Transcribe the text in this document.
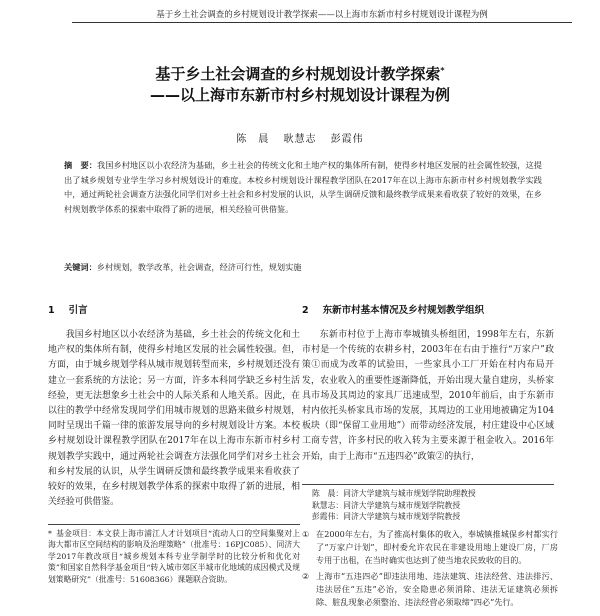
基于乡土社会调查的乡村规划设计教学探索——以上海市东新市村乡村规划设计课程为例

基于乡土社会调查的乡村规划设计教学探索*

——以上海市东新市村乡村规划设计课程为例

陈　晨 耿慧志 彭霞伟
摘　要：我国乡村地区以小农经济为基础，乡土社会的传统文化和土地产权的集体所有制，使得乡村地区发展的社会属性较强，这提出了城乡规划专业学生学习乡村规划设计的难度。本校乡村规划设计课程教学团队在2017年在以上海市东新市村乡村规划教学实践中，通过两轮社会调查方法强化同学们对乡土社会和乡村发展的认识，从学生调研反馈和最终教学成果来看收获了较好的效果，在乡村规划教学体系的探索中取得了新的进展，相关经验可供借鉴。
关键词：乡村规划，教学改革，社会调查，经济可行性，规划实施
1 引言

我国乡村地区以小农经济为基础，乡土社会的传统文化和土地产权的集体所有制，使得乡村地区发展的社会属性较强。但，方面，由于城乡规划学科从城市规划转型而来，乡村规划还没有建立一套系统的方法论；另一方面，许多本科同学缺乏乡村生活经验，更无法想象乡土社会中的人际关系和人地关系。因此，在以往的教学中经常发现同学们用城市规划的思路来做乡村规划，同时呈现出千篇一律的旅游发展导向的乡村规划设计方案。本校乡村规划设计课程教学团队在2017年在以上海市东新市村乡村规划教学实践中，通过两轮社会调查方法强化同学们对乡土社会和乡村发展的认识，从学生调研反馈和最终教学成果来看收获了较好的效果，在乡村规划教学体系的探索中取得了新的进展，相关经验可供借鉴。

2 东新市村基本情况及乡村规划教学组织

东新市村位于上海市奉城镇头桥组团，1998年左右，东新市村是一个传统的农耕乡村，2003年在右由于推行“万家户”政策①而成为改革的试验田，一些家具小工厂开始在村内布局开发，农业收入的重要性逐渐降低，开始出现大量自建房，头桥家具市场及其周边的家具厂迅速成型，2010年前后，由于东新市村内依托头桥家具市场的发展，其周边的工业用地被确定为104板块（即“保留工业用地”）而带动经济发展，村庄建设中心区域工商专营，许多村民的收入转为主要来源于租金收入。2016年开始，由于上海市“五违四必”政策②的执行，

陈　晨：同济大学建筑与城市规划学院助理教授
耿慧志：同济大学建筑与城市规划学院教授
彭霞伟：同济大学建筑与城市规划学院教授
① 在2000年左右，为了推高村集体的收入，奉城镇推城保乡村都实行了“万家户计划”，即村委允许农民在非建设用地上建设厂房，厂房专用于出租，在当时确实也达到了使当地农民致收的目的。
② 上海市“五违四必”即违法用地、违法建筑、违法经营、违法排污、违法居住“五违”必治，安全隐患必须消除、违法无证建筑必须拆除、脏乱现象必须整治、违法经营必须取缔“四必”先行。
* 基金项目：本文获上海市浦江人才计划项目“流动人口的空间集聚对上海大都市区空间结构的影响及治理策略”（批准号：16PJC085）、同济大学2017年教改项目“城乡规划本科专业学制学时的比较分析和优化对策”和国家自然科学基金项目“转入城市郊区半城市化地域的成因模式及规划策略研究”（批准号：51608366）课题联合资助。
